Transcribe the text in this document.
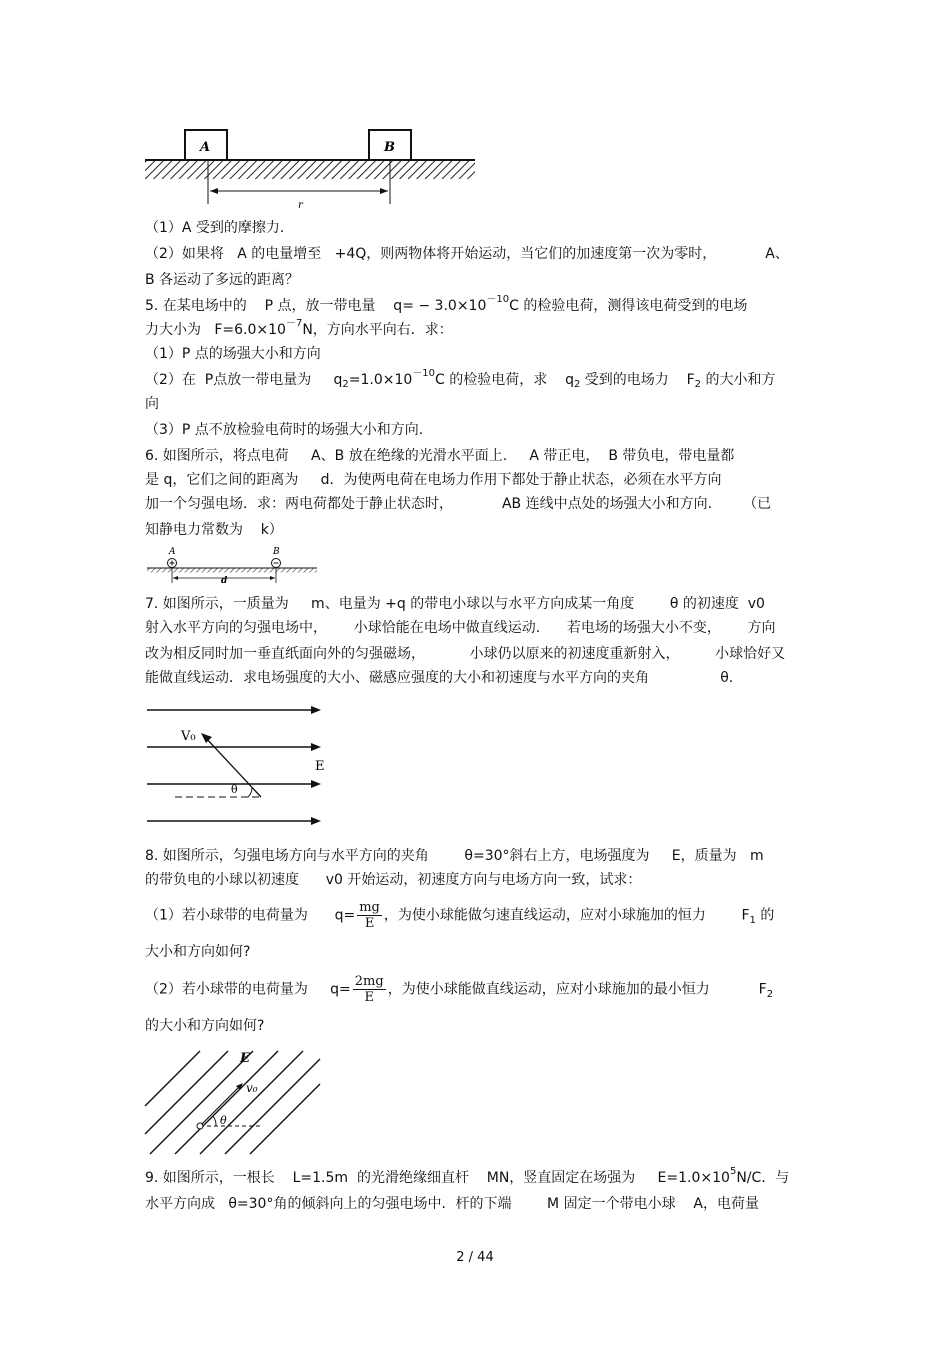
A	B
r
（1）A 受到的摩擦力.
（2）如果将   A 的电量增至   +4Q，则两物体将开始运动，当它们的加速度第一次为零时，           A、
B 各运动了多远的距离？
5. 在某电场中的    P 点，放一带电量    $q= - 3.0\times 10^{-10}C$ 的检验电荷，测得该电荷受到的电场
力大小为   $F=6.0\times 10^{-7}N$，方向水平向右．求：
（1）P 点的场强大小和方向
（2）在  P点放一带电量为     $q_2=1.0\times 10^{-10}C$ 的检验电荷，求    $q_2$ 受到的电场力    $F_2$ 的大小和方
向
（3）P 点不放检验电荷时的场强大小和方向.
6. 如图所示，将点电荷     A、B 放在绝缘的光滑水平面上.     A 带正电，  B 带负电，带电量都
是 q，它们之间的距离为     d．为使两电荷在电场力作用下都处于静止状态，必须在水平方向
加一个匀强电场．求：两电荷都处于静止状态时，           AB 连线中点处的场强大小和方向.       （已
知静电力常数为    k）
A	B
d
7. 如图所示，一质量为     m、电量为 +q 的带电小球以与水平方向成某一角度        θ 的初速度  v0
射入水平方向的匀强电场中，      小球恰能在电场中做直线运动.      若电场的场强大小不变，      方向
改为相反同时加一垂直纸面向外的匀强磁场，          小球仍以原来的初速度重新射入，        小球恰好又
能做直线运动．求电场强度的大小、磁感应强度的大小和初速度与水平方向的夹角                θ.
V₀
E
θ
8. 如图所示，匀强电场方向与水平方向的夹角        θ=30°斜右上方，电场强度为     E，质量为   m
的带负电的小球以初速度      v0 开始运动，初速度方向与电场方向一致，试求：
（1）若小球带的电荷量为      $q= \frac{mg}{E}$ ，为使小球能做匀速直线运动，应对小球施加的恒力        $F_1$ 的
大小和方向如何?
（2）若小球带的电荷量为     $q= \frac{2mg}{E}$ ，为使小球能做直线运动，应对小球施加的最小恒力           $F_2$
的大小和方向如何?
E
v₀
θ
9. 如图所示，一根长    L=1.5m  的光滑绝缘细直杆    MN，竖直固定在场强为     $E=1.0\times 10^5N/C$．与
水平方向成   θ=30°角的倾斜向上的匀强电场中．杆的下端        M 固定一个带电小球    A，电荷量
2 / 44
